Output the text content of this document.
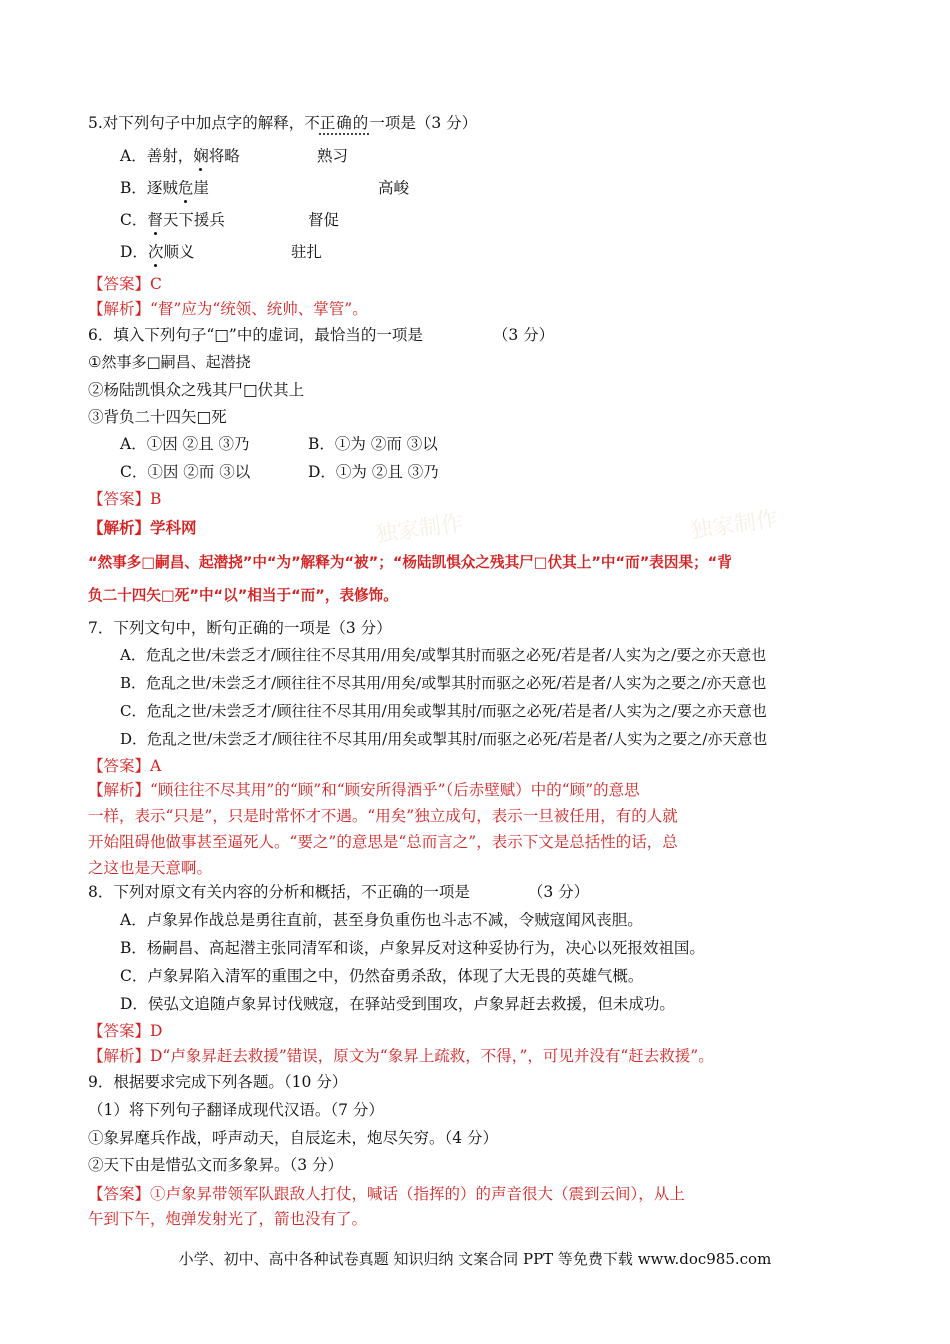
独家制作	独家制作
5.对下列句子中加点字的解释，不正确的一项是（3 分）
A．善射，娴将略	熟习
B．逐贼危崖	高峻
C．督天下援兵	督促
D．次顺义	驻扎
【答案】C
【解析】“督”应为“统领、统帅、掌管”。
6．填入下列句子“□”中的虚词，最恰当的一项是	（3 分）
①然事多□嗣昌、起潜挠
②杨陆凯惧众之残其尸□伏其上
③背负二十四矢□死
A．①因 ②且 ③乃	B．①为 ②而 ③以
C．①因 ②而 ③以	D．①为 ②且 ③乃
【答案】B
【解析】学科网
“然事多□嗣昌、起潜挠”中“为”解释为“被”；“杨陆凯惧众之残其尸□伏其上”中“而”表因果；“背
负二十四矢□死”中“以”相当于“而”，表修饰。
7．下列文句中，断句正确的一项是（3 分）
A．危乱之世/未尝乏才/顾往往不尽其用/用矣/或掣其肘而驱之必死/若是者/人实为之/要之亦天意也
B．危乱之世/未尝乏才/顾往往不尽其用/用矣/或掣其肘而驱之必死/若是者/人实为之要之/亦天意也
C．危乱之世/未尝乏才/顾往往不尽其用/用矣或掣其肘/而驱之必死/若是者/人实为之/要之亦天意也
D．危乱之世/未尝乏才/顾往往不尽其用/用矣或掣其肘/而驱之必死/若是者/人实为之要之/亦天意也
【答案】A
【解析】“顾往往不尽其用”的“顾”和“顾安所得酒乎”（后赤壁赋）中的“顾”的意思
一样，表示“只是”，只是时常怀才不遇。“用矣”独立成句，表示一旦被任用，有的人就
开始阻碍他做事甚至逼死人。“要之”的意思是“总而言之”，表示下文是总括性的话，总
之这也是天意啊。
8．下列对原文有关内容的分析和概括，不正确的一项是	（3 分）
A．卢象昇作战总是勇往直前，甚至身负重伤也斗志不减，令贼寇闻风丧胆。
B．杨嗣昌、高起潜主张同清军和谈，卢象昇反对这种妥协行为，决心以死报效祖国。
C．卢象昇陷入清军的重围之中，仍然奋勇杀敌，体现了大无畏的英雄气概。
D．侯弘文追随卢象昇讨伐贼寇，在驿站受到围攻，卢象昇赶去救援，但未成功。
【答案】D
【解析】D“卢象昇赶去救援”错误，原文为“象昇上疏救，不得，”，可见并没有“赶去救援”。
9．根据要求完成下列各题。（10 分）
（1）将下列句子翻译成现代汉语。（7 分）
①象昇麾兵作战，呼声动天，自辰迄未，炮尽矢穷。（4 分）
②天下由是惜弘文而多象昇。（3 分）
【答案】①卢象昇带领军队跟敌人打仗，喊话（指挥的）的声音很大（震到云间），从上
午到下午，炮弹发射光了，箭也没有了。
小学、初中、高中各种试卷真题 知识归纳 文案合同 PPT 等免费下载 www.doc985.com
